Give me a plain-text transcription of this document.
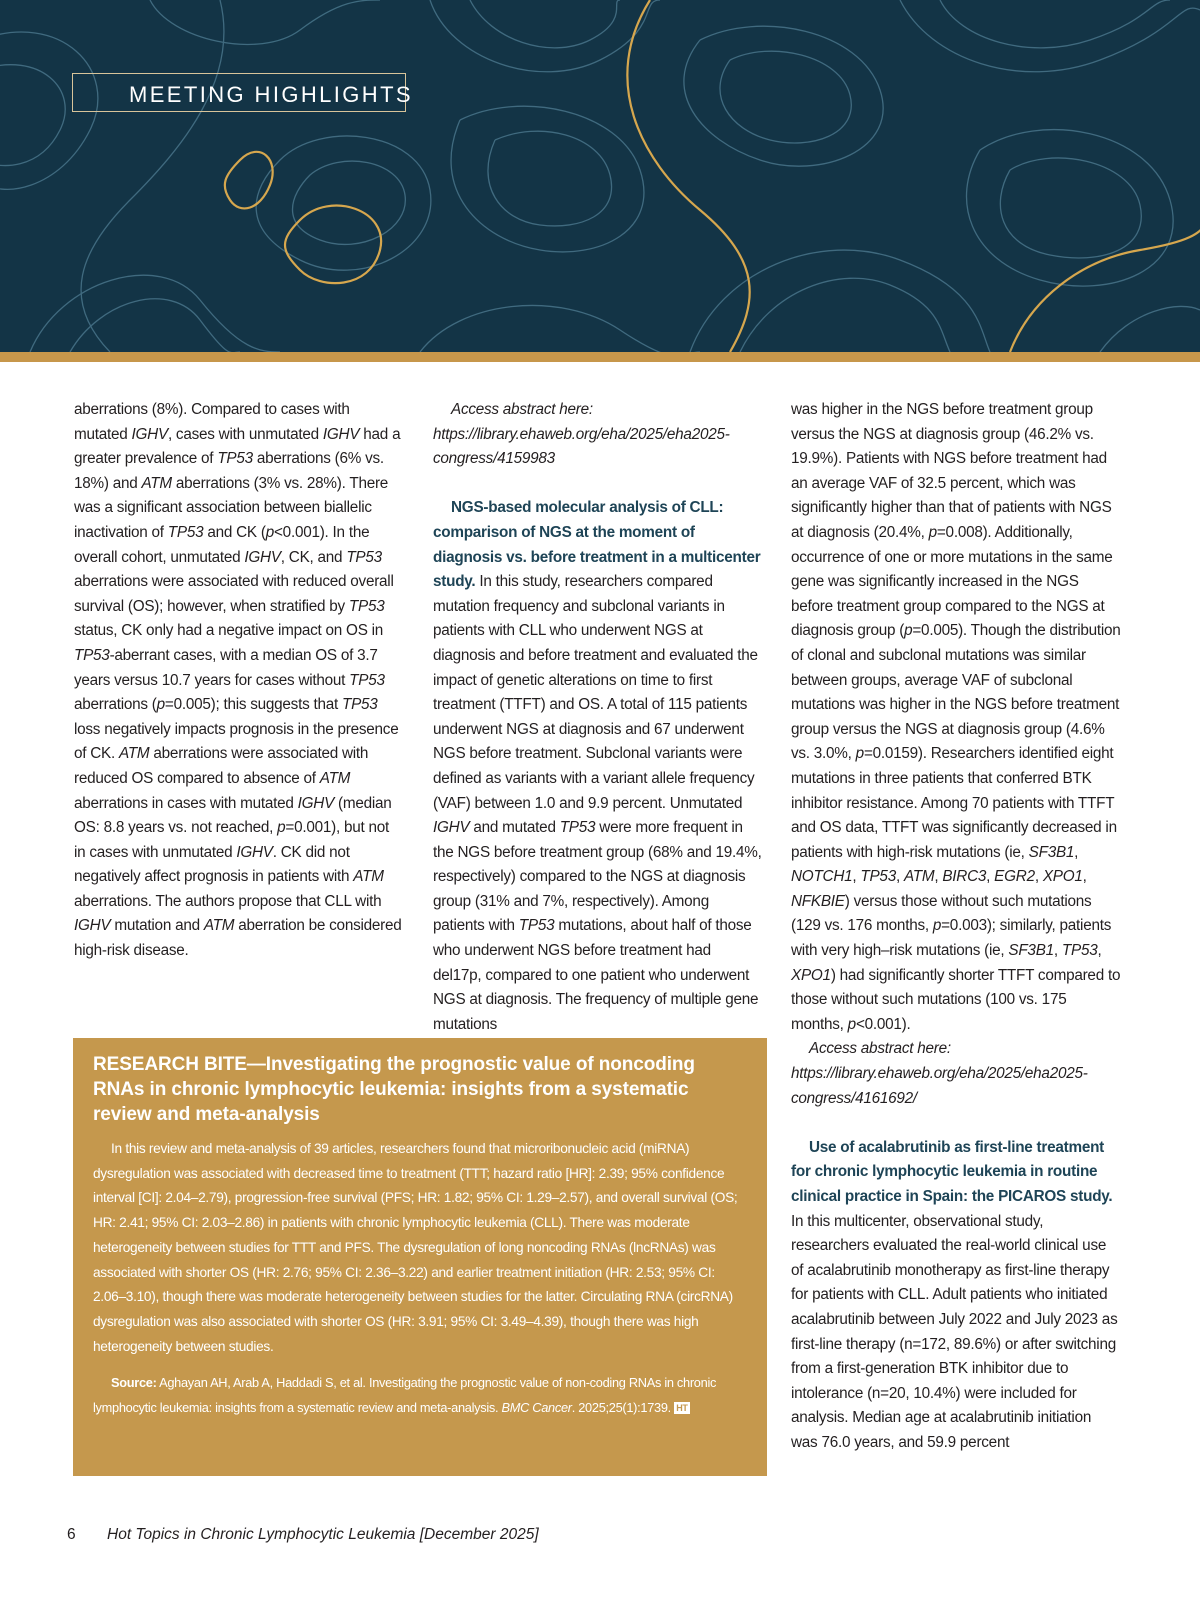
MEETING HIGHLIGHTS

aberrations (8%). Compared to cases with mutated IGHV, cases with unmutated IGHV had a greater prevalence of TP53 aberrations (6% vs. 18%) and ATM aberrations (3% vs. 28%). There was a significant association between biallelic inactivation of TP53 and CK (p<0.001). In the overall cohort, unmutated IGHV, CK, and TP53 aberrations were associated with reduced overall survival (OS); however, when stratified by TP53 status, CK only had a negative impact on OS in TP53-aberrant cases, with a median OS of 3.7 years versus 10.7 years for cases without TP53 aberrations (p=0.005); this suggests that TP53 loss negatively impacts prognosis in the presence of CK. ATM aberrations were associated with reduced OS compared to absence of ATM aberrations in cases with mutated IGHV (median OS: 8.8 years vs. not reached, p=0.001), but not in cases with unmutated IGHV. CK did not negatively affect prognosis in patients with ATM aberrations. The authors propose that CLL with IGHV mutation and ATM aberration be considered high-risk disease.

Access abstract here: https://library.ehaweb.org/eha/2025/eha2025-congress/4159983

NGS-based molecular analysis of CLL: comparison of NGS at the moment of diagnosis vs. before treatment in a multicenter study. In this study, researchers compared mutation frequency and subclonal variants in patients with CLL who underwent NGS at diagnosis and before treatment and evaluated the impact of genetic alterations on time to first treatment (TTFT) and OS. A total of 115 patients underwent NGS at diagnosis and 67 underwent NGS before treatment. Subclonal variants were defined as variants with a variant allele frequency (VAF) between 1.0 and 9.9 percent. Unmutated IGHV and mutated TP53 were more frequent in the NGS before treatment group (68% and 19.4%, respectively) compared to the NGS at diagnosis group (31% and 7%, respectively). Among patients with TP53 mutations, about half of those who underwent NGS before treatment had del17p, compared to one patient who underwent NGS at diagnosis. The frequency of multiple gene mutations

was higher in the NGS before treatment group versus the NGS at diagnosis group (46.2% vs. 19.9%). Patients with NGS before treatment had an average VAF of 32.5 percent, which was significantly higher than that of patients with NGS at diagnosis (20.4%, p=0.008). Additionally, occurrence of one or more mutations in the same gene was significantly increased in the NGS before treatment group compared to the NGS at diagnosis group (p=0.005). Though the distribution of clonal and subclonal mutations was similar between groups, average VAF of subclonal mutations was higher in the NGS before treatment group versus the NGS at diagnosis group (4.6% vs. 3.0%, p=0.0159). Researchers identified eight mutations in three patients that conferred BTK inhibitor resistance. Among 70 patients with TTFT and OS data, TTFT was significantly decreased in patients with high-risk mutations (ie, SF3B1, NOTCH1, TP53, ATM, BIRC3, EGR2, XPO1, NFKBIE) versus those without such mutations (129 vs. 176 months, p=0.003); similarly, patients with very high–risk mutations (ie, SF3B1, TP53, XPO1) had significantly shorter TTFT compared to those without such mutations (100 vs. 175 months, p<0.001).

Access abstract here: https://library.ehaweb.org/eha/2025/eha2025-congress/4161692/

Use of acalabrutinib as first-line treatment for chronic lymphocytic leukemia in routine clinical practice in Spain: the PICAROS study. In this multicenter, observational study, researchers evaluated the real-world clinical use of acalabrutinib monotherapy as first-line therapy for patients with CLL. Adult patients who initiated acalabrutinib between July 2022 and July 2023 as first-line therapy (n=172, 89.6%) or after switching from a first-generation BTK inhibitor due to intolerance (n=20, 10.4%) were included for analysis. Median age at acalabrutinib initiation was 76.0 years, and 59.9 percent

RESEARCH BITE—Investigating the prognostic value of noncoding RNAs in chronic lymphocytic leukemia: insights from a systematic review and meta-analysis

In this review and meta-analysis of 39 articles, researchers found that microribonucleic acid (miRNA) dysregulation was associated with decreased time to treatment (TTT; hazard ratio [HR]: 2.39; 95% confidence interval [CI]: 2.04–2.79), progression-free survival (PFS; HR: 1.82; 95% CI: 1.29–2.57), and overall survival (OS; HR: 2.41; 95% CI: 2.03–2.86) in patients with chronic lymphocytic leukemia (CLL). There was moderate heterogeneity between studies for TTT and PFS. The dysregulation of long noncoding RNAs (lncRNAs) was associated with shorter OS (HR: 2.76; 95% CI: 2.36–3.22) and earlier treatment initiation (HR: 2.53; 95% CI: 2.06–3.10), though there was moderate heterogeneity between studies for the latter. Circulating RNA (circRNA) dysregulation was also associated with shorter OS (HR: 3.91; 95% CI: 3.49–4.39), though there was high heterogeneity between studies.

Source: Aghayan AH, Arab A, Haddadi S, et al. Investigating the prognostic value of non-coding RNAs in chronic lymphocytic leukemia: insights from a systematic review and meta-analysis. BMC Cancer. 2025;25(1):1739. HT

6 Hot Topics in Chronic Lymphocytic Leukemia [December 2025]
